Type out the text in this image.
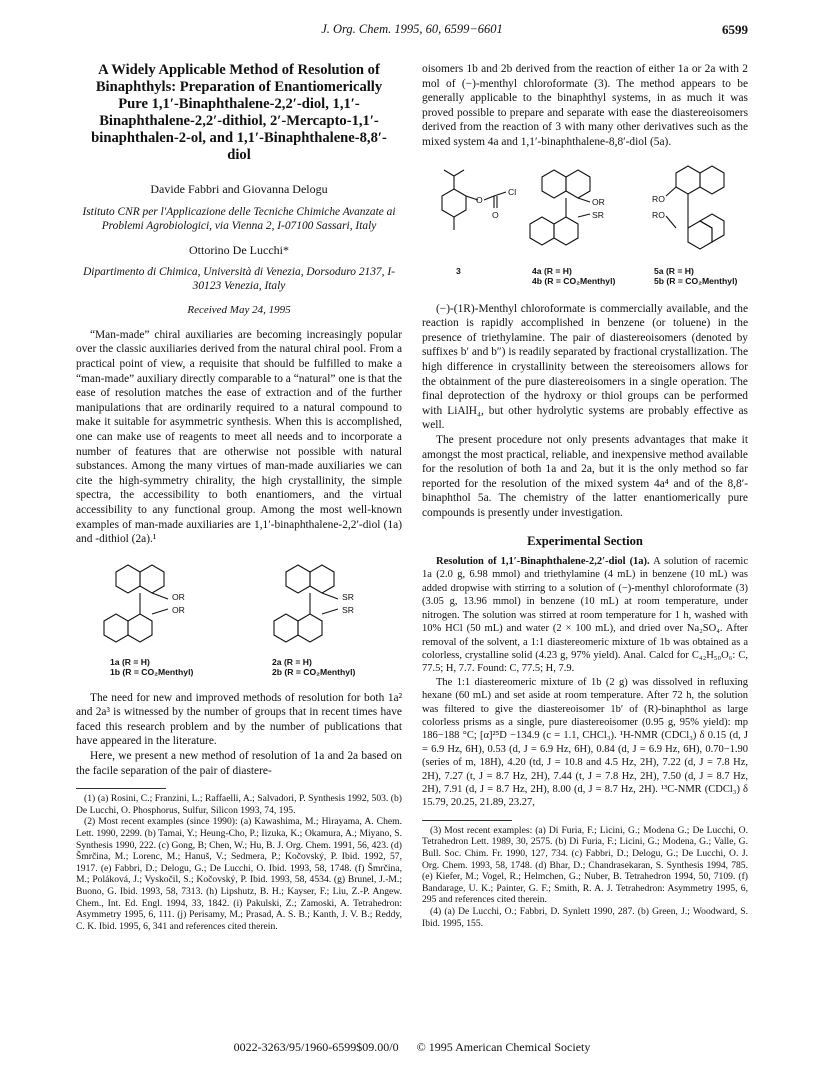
J. Org. Chem. 1995, 60, 6599−6601	6599
A Widely Applicable Method of Resolution of Binaphthyls: Preparation of Enantiomerically Pure 1,1′-Binaphthalene-2,2′-diol, 1,1′-Binaphthalene-2,2′-dithiol, 2′-Mercapto-1,1′-binaphthalen-2-ol, and 1,1′-Binaphthalene-8,8′-diol
Davide Fabbri and Giovanna Delogu
Istituto CNR per l'Applicazione delle Tecniche Chimiche Avanzate ai Problemi Agrobiologici, via Vienna 2, I-07100 Sassari, Italy
Ottorino De Lucchi*
Dipartimento di Chimica, Università di Venezia, Dorsoduro 2137, I-30123 Venezia, Italy
Received May 24, 1995

“Man-made” chiral auxiliaries are becoming increasingly popular over the classic auxiliaries derived from the natural chiral pool. From a practical point of view, a requisite that should be fulfilled to make a “man-made” auxiliary directly comparable to a “natural” one is that the ease of resolution matches the ease of extraction and of the further manipulations that are ordinarily required to a natural compound to make it suitable for asymmetric synthesis. When this is accomplished, one can make use of reagents to meet all needs and to incorporate a number of features that are otherwise not possible with natural substances. Among the many virtues of man-made auxiliaries we can cite the high-symmetry chirality, the high crystallinity, the simple spectra, the accessibility to both enantiomers, and the virtual accessibility to any functional group. Among the most well-known examples of man-made auxiliaries are 1,1′-binaphthalene-2,2′-diol (1a) and -dithiol (2a).¹

OR
OR
SR
SR
1a (R = H)
1b (R = CO₂Menthyl)
2a (R = H)
2b (R = CO₂Menthyl)

The need for new and improved methods of resolution for both 1a² and 2a³ is witnessed by the number of groups that in recent times have faced this research problem and by the number of publications that have appeared in the literature.

Here, we present a new method of resolution of 1a and 2a based on the facile separation of the pair of diastere-

(1) (a) Rosini, C.; Franzini, L.; Raffaelli, A.; Salvadori, P. Synthesis 1992, 503. (b) De Lucchi, O. Phosphorus, Sulfur, Silicon 1993, 74, 195.

(2) Most recent examples (since 1990): (a) Kawashima, M.; Hirayama, A. Chem. Lett. 1990, 2299. (b) Tamai, Y.; Heung-Cho, P.; Iizuka, K.; Okamura, A.; Miyano, S. Synthesis 1990, 222. (c) Gong, B; Chen, W.; Hu, B. J. Org. Chem. 1991, 56, 423. (d) Šmrčina, M.; Lorenc, M.; Hanuš, V.; Sedmera, P.; Kočovský, P. Ibid. 1992, 57, 1917. (e) Fabbri, D.; Delogu, G.; De Lucchi, O. Ibid. 1993, 58, 1748. (f) Šmrčina, M.; Poláková, J.; Vyskočil, S.; Kočovský, P. Ibid. 1993, 58, 4534. (g) Brunel, J.-M.; Buono, G. Ibid. 1993, 58, 7313. (h) Lipshutz, B. H.; Kayser, F.; Liu, Z.-P. Angew. Chem., Int. Ed. Engl. 1994, 33, 1842. (i) Pakulski, Z.; Zamoski, A. Tetrahedron: Asymmetry 1995, 6, 111. (j) Perisamy, M.; Prasad, A. S. B.; Kanth, J. V. B.; Reddy, C. K. Ibid. 1995, 6, 341 and references cited therein.

oisomers 1b and 2b derived from the reaction of either 1a or 2a with 2 mol of (−)-menthyl chloroformate (3). The method appears to be generally applicable to the binaphthyl systems, in as much it was proved possible to prepare and separate with ease the diastereoisomers derived from the reaction of 3 with many other derivatives such as the mixed system 4a and 1,1′-binaphthalene-8,8′-diol (5a).

O
O
Cl
OR
SR
RO
RO
3	4a (R = H)
4b (R = CO₂Menthyl)
5a (R = H)
5b (R = CO₂Menthyl)

(−)-(1R)-Menthyl chloroformate is commercially available, and the reaction is rapidly accomplished in benzene (or toluene) in the presence of triethylamine. The pair of diastereoisomers (denoted by suffixes b′ and b″) is readily separated by fractional crystallization. The high difference in crystallinity between the stereoisomers allows for the obtainment of the pure diastereoisomers in a single operation. The final deprotection of the hydroxy or thiol groups can be performed with LiAlH₄, but other hydrolytic systems are probably effective as well.

The present procedure not only presents advantages that make it amongst the most practical, reliable, and inexpensive method available for the resolution of both 1a and 2a, but it is the only method so far reported for the resolution of the mixed system 4a⁴ and of the 8,8′-binaphthol 5a. The chemistry of the latter enantiomerically pure compounds is presently under investigation.

Experimental Section

Resolution of 1,1′-Binaphthalene-2,2′-diol (1a). A solution of racemic 1a (2.0 g, 6.98 mmol) and triethylamine (4 mL) in benzene (10 mL) was added dropwise with stirring to a solution of (−)-menthyl chloroformate (3) (3.05 g, 13.96 mmol) in benzene (10 mL) at room temperature, under nitrogen. The solution was stirred at room temperature for 1 h, washed with 10% HCl (50 mL) and water (2 × 100 mL), and dried over Na₂SO₄. After removal of the solvent, a 1:1 diastereomeric mixture of 1b was obtained as a colorless, crystalline solid (4.23 g, 97% yield). Anal. Calcd for C₄₂H₅₀O₆: C, 77.5; H, 7.7. Found: C, 77.5; H, 7.9.

The 1:1 diastereomeric mixture of 1b (2 g) was dissolved in refluxing hexane (60 mL) and set aside at room temperature. After 72 h, the solution was filtered to give the diastereoisomer 1b′ of (R)-binaphthol as large colorless prisms as a single, pure diastereoisomer (0.95 g, 95% yield): mp 186−188 °C; [α]²⁵D −134.9 (c = 1.1, CHCl₃). ¹H-NMR (CDCl₃) δ 0.15 (d, J = 6.9 Hz, 6H), 0.53 (d, J = 6.9 Hz, 6H), 0.84 (d, J = 6.9 Hz, 6H), 0.70−1.90 (series of m, 18H), 4.20 (td, J = 10.8 and 4.5 Hz, 2H), 7.22 (d, J = 7.8 Hz, 2H), 7.27 (t, J = 8.7 Hz, 2H), 7.44 (t, J = 7.8 Hz, 2H), 7.50 (d, J = 8.7 Hz, 2H), 7.91 (d, J = 8.7 Hz, 2H), 8.00 (d, J = 8.7 Hz, 2H). ¹³C-NMR (CDCl₃) δ 15.79, 20.25, 21.89, 23.27,

(3) Most recent examples: (a) Di Furia, F.; Licini, G.; Modena G.; De Lucchi, O. Tetrahedron Lett. 1989, 30, 2575. (b) Di Furia, F.; Licini, G.; Modena, G.; Valle, G. Bull. Soc. Chim. Fr. 1990, 127, 734. (c) Fabbri, D.; Delogu, G.; De Lucchi, O. J. Org. Chem. 1993, 58, 1748. (d) Bhar, D.; Chandrasekaran, S. Synthesis 1994, 785. (e) Kiefer, M.; Vogel, R.; Helmchen, G.; Nuber, B. Tetrahedron 1994, 50, 7109. (f) Bandarage, U. K.; Painter, G. F.; Smith, R. A. J. Tetrahedron: Asymmetry 1995, 6, 295 and references cited therein.

(4) (a) De Lucchi, O.; Fabbri, D. Synlett 1990, 287. (b) Green, J.; Woodward, S. Ibid. 1995, 155.

0022-3263/95/1960-6599$09.00/0 © 1995 American Chemical Society
